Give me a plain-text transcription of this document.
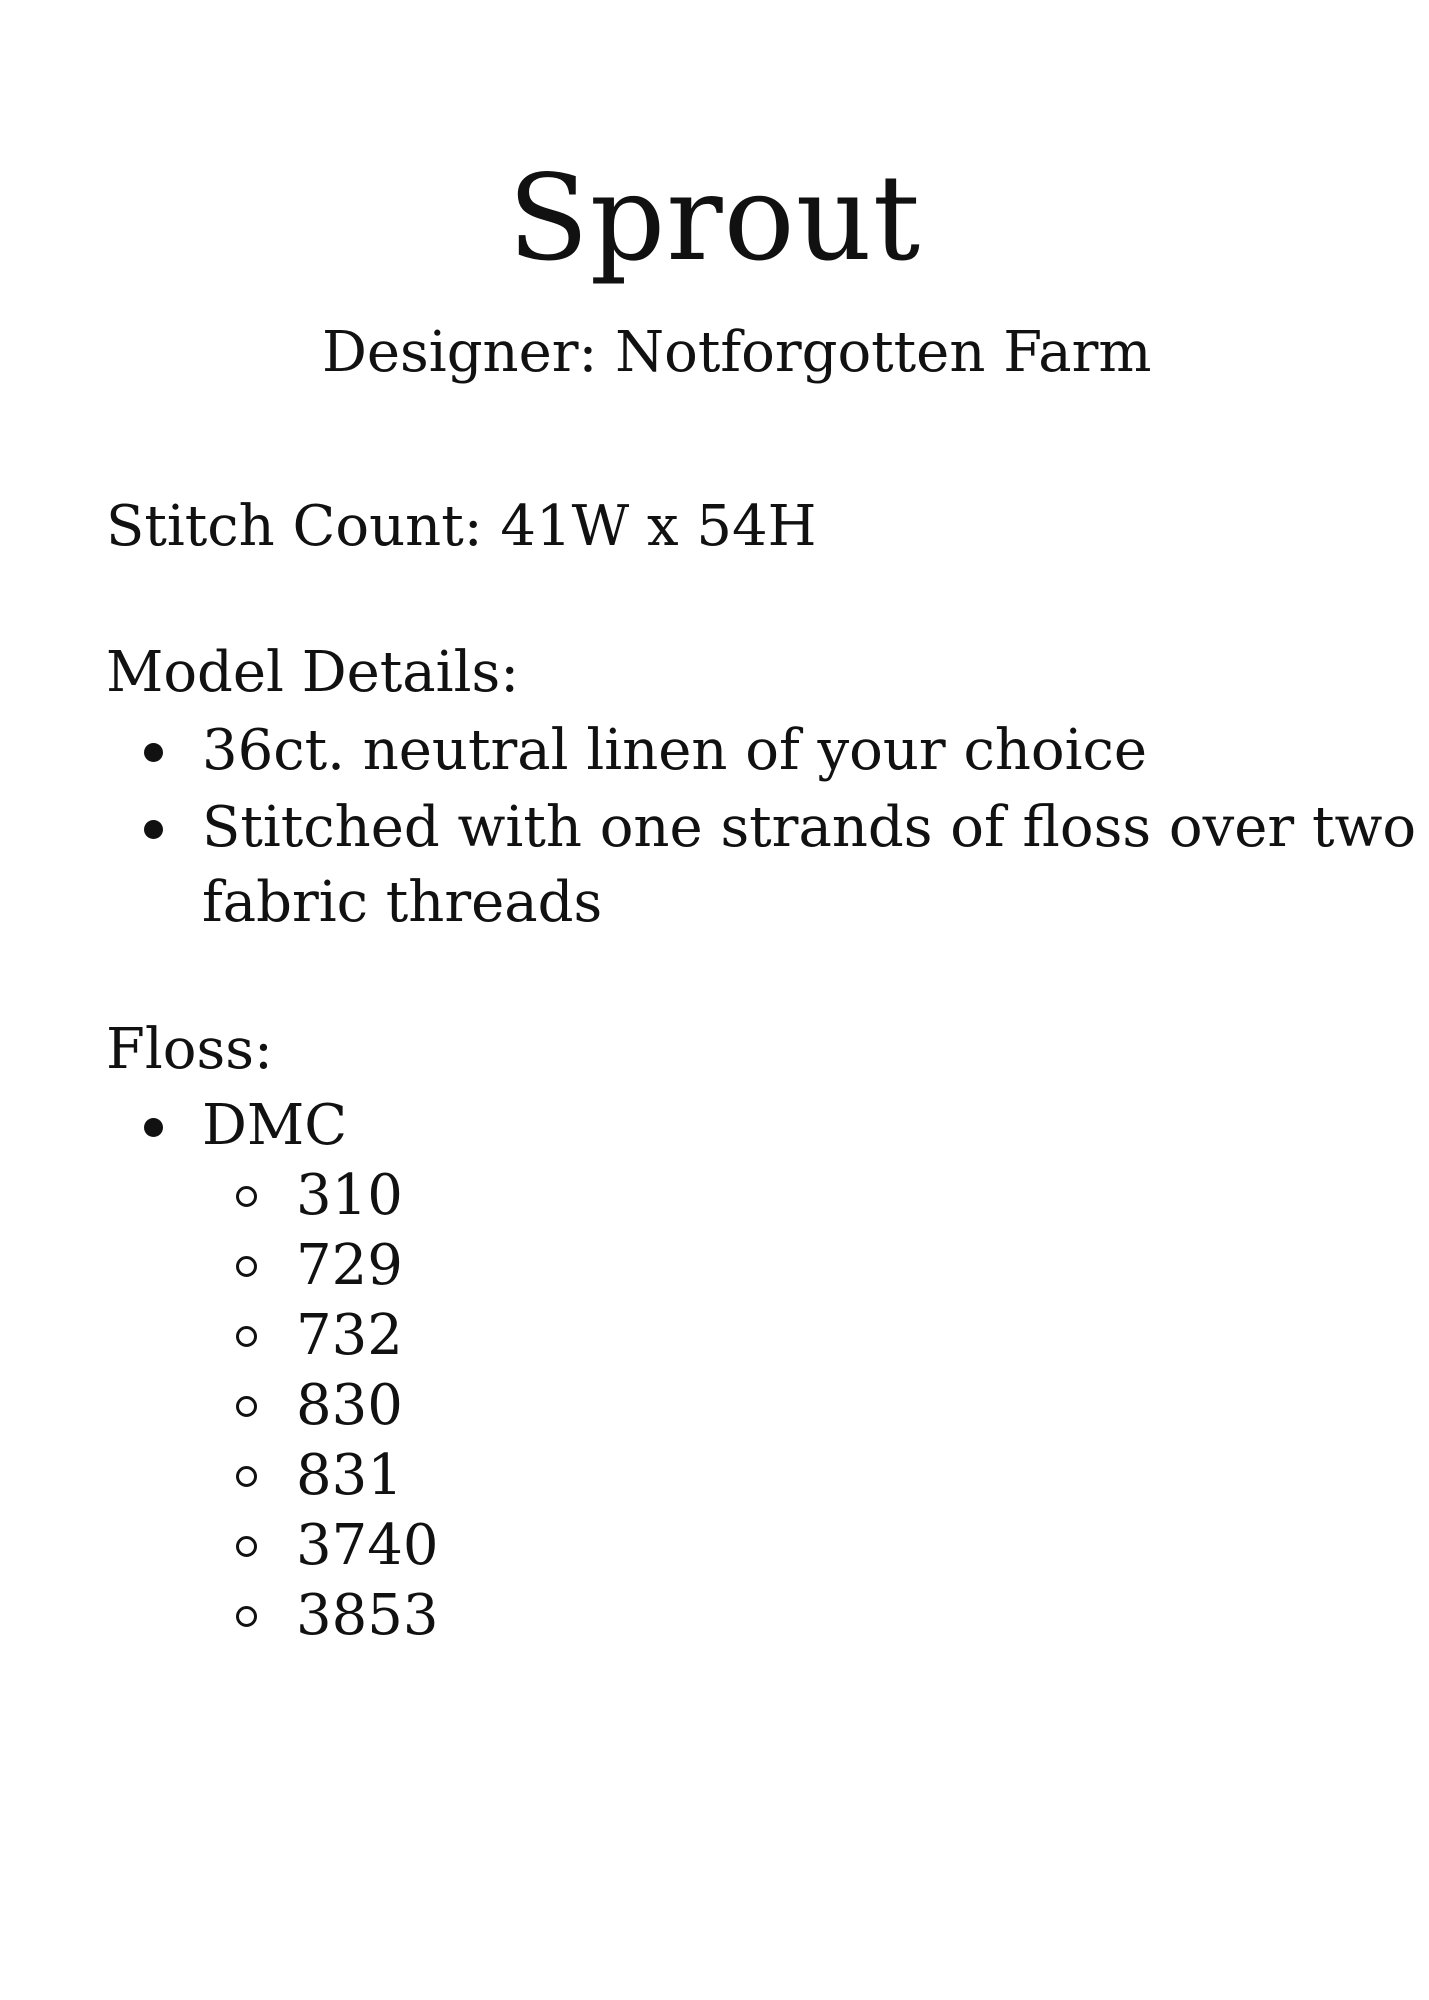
Sprout

Designer: Notforgotten Farm

Stitch Count: 41W x 54H

Model Details:

36ct. neutral linen of your choice
Stitched with one strands of floss over two
fabric threads

Floss:

DMC
310
729
732
830
831
3740
3853
